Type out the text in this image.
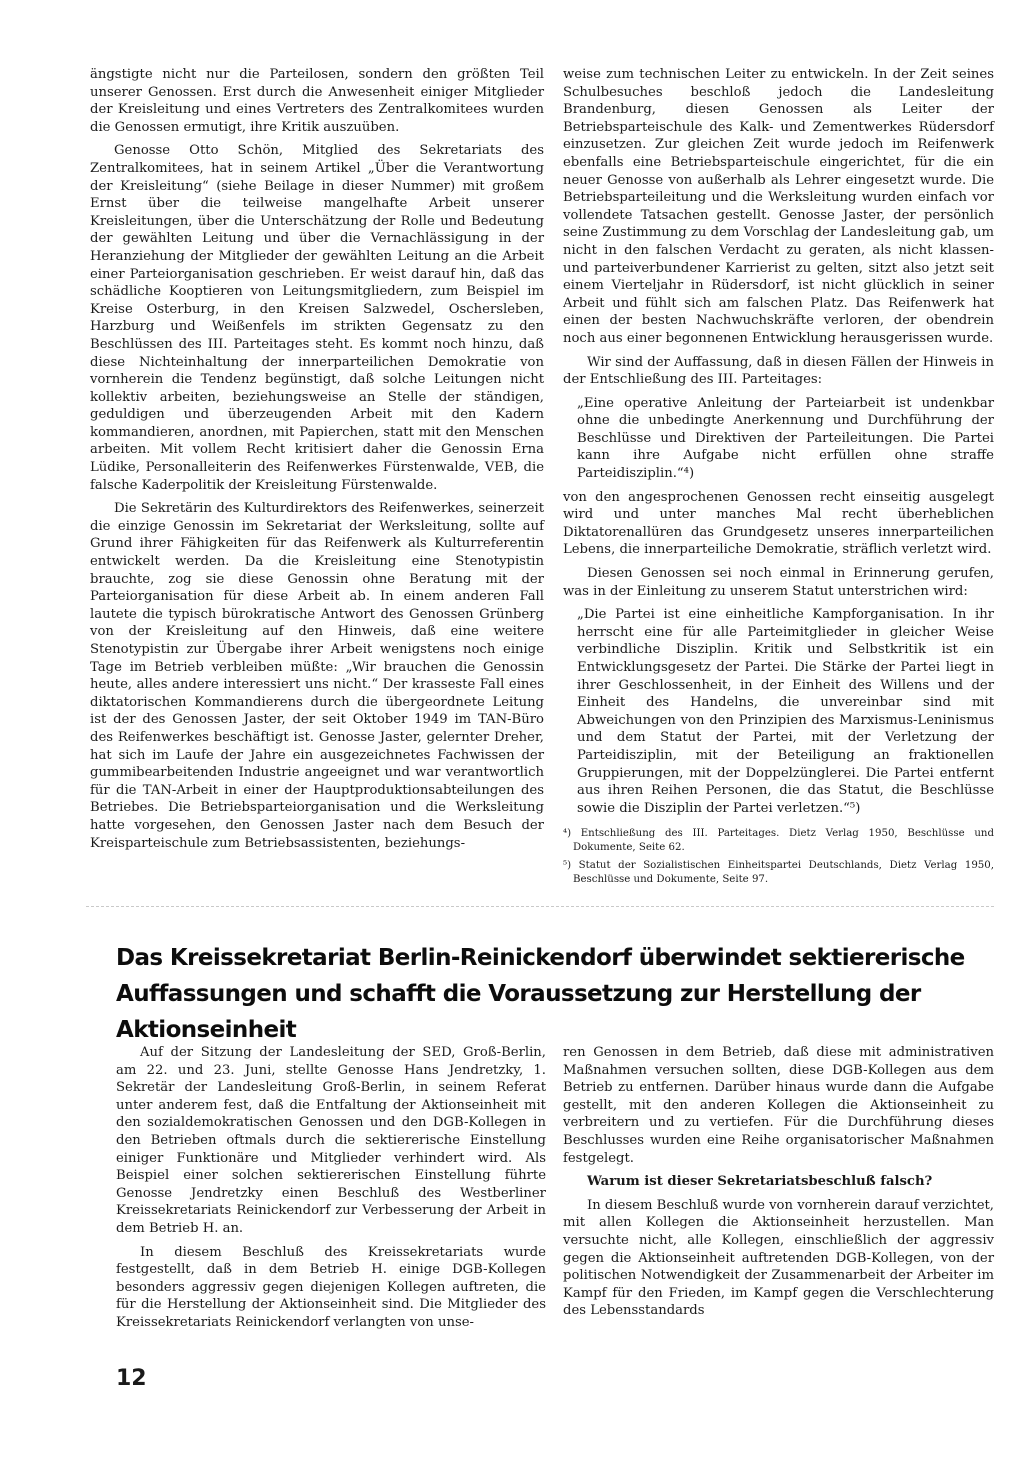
ängstigte nicht nur die Parteilosen, sondern den größten Teil unserer Genossen. Erst durch die Anwesenheit einiger Mitglieder der Kreisleitung und eines Vertreters des Zentralkomitees wurden die Genossen ermutigt, ihre Kritik auszuüben.

Genosse Otto Schön, Mitglied des Sekretariats des Zentralkomitees, hat in seinem Artikel „Über die Verantwortung der Kreisleitung“ (siehe Beilage in dieser Nummer) mit großem Ernst über die teilweise mangelhafte Arbeit unserer Kreisleitungen, über die Unterschätzung der Rolle und Bedeutung der gewählten Leitung und über die Vernachlässigung in der Heranziehung der Mitglieder der gewählten Leitung an die Arbeit einer Parteiorganisation geschrieben. Er weist darauf hin, daß das schädliche Kooptieren von Leitungsmitgliedern, zum Beispiel im Kreise Osterburg, in den Kreisen Salzwedel, Oschersleben, Harzburg und Weißenfels im strikten Gegensatz zu den Beschlüssen des III. Parteitages steht. Es kommt noch hinzu, daß diese Nichteinhaltung der innerparteilichen Demokratie von vornherein die Tendenz begünstigt, daß solche Leitungen nicht kollektiv arbeiten, beziehungsweise an Stelle der ständigen, geduldigen und überzeugenden Arbeit mit den Kadern kommandieren, anordnen, mit Papierchen, statt mit den Menschen arbeiten. Mit vollem Recht kritisiert daher die Genossin Erna Lüdike, Personalleiterin des Reifenwerkes Fürstenwalde, VEB, die falsche Kaderpolitik der Kreisleitung Fürstenwalde.

Die Sekretärin des Kulturdirektors des Reifenwerkes, seinerzeit die einzige Genossin im Sekretariat der Werksleitung, sollte auf Grund ihrer Fähigkeiten für das Reifenwerk als Kulturreferentin entwickelt werden. Da die Kreisleitung eine Stenotypistin brauchte, zog sie diese Genossin ohne Beratung mit der Parteiorganisation für diese Arbeit ab. In einem anderen Fall lautete die typisch bürokratische Antwort des Genossen Grünberg von der Kreisleitung auf den Hinweis, daß eine weitere Stenotypistin zur Übergabe ihrer Arbeit wenigstens noch einige Tage im Betrieb verbleiben müßte: „Wir brauchen die Genossin heute, alles andere interessiert uns nicht.“ Der krasseste Fall eines diktatorischen Kommandierens durch die übergeordnete Leitung ist der des Genossen Jaster, der seit Oktober 1949 im TAN-Büro des Reifenwerkes beschäftigt ist. Genosse Jaster, gelernter Dreher, hat sich im Laufe der Jahre ein ausgezeichnetes Fachwissen der gummibearbeitenden Industrie angeeignet und war verantwortlich für die TAN-Arbeit in einer der Hauptproduktionsabteilungen des Betriebes. Die Betriebsparteiorganisation und die Werksleitung hatte vorgesehen, den Genossen Jaster nach dem Besuch der Kreisparteischule zum Betriebsassistenten, beziehungs-

weise zum technischen Leiter zu entwickeln. In der Zeit seines Schulbesuches beschloß jedoch die Landesleitung Brandenburg, diesen Genossen als Leiter der Betriebsparteischule des Kalk- und Zementwerkes Rüdersdorf einzusetzen. Zur gleichen Zeit wurde jedoch im Reifenwerk ebenfalls eine Betriebsparteischule eingerichtet, für die ein neuer Genosse von außerhalb als Lehrer eingesetzt wurde. Die Betriebsparteileitung und die Werksleitung wurden einfach vor vollendete Tatsachen gestellt. Genosse Jaster, der persönlich seine Zustimmung zu dem Vorschlag der Landesleitung gab, um nicht in den falschen Verdacht zu geraten, als nicht klassen- und parteiverbundener Karrierist zu gelten, sitzt also jetzt seit einem Vierteljahr in Rüdersdorf, ist nicht glücklich in seiner Arbeit und fühlt sich am falschen Platz. Das Reifenwerk hat einen der besten Nachwuchskräfte verloren, der obendrein noch aus einer begonnenen Entwicklung herausgerissen wurde.

Wir sind der Auffassung, daß in diesen Fällen der Hinweis in der Entschließung des III. Parteitages:

„Eine operative Anleitung der Parteiarbeit ist undenkbar ohne die unbedingte Anerkennung und Durchführung der Beschlüsse und Direktiven der Parteileitungen. Die Partei kann ihre Aufgabe nicht erfüllen ohne straffe Parteidisziplin.“⁴)

von den angesprochenen Genossen recht einseitig ausgelegt wird und unter manches Mal recht überheblichen Diktatorenallüren das Grundgesetz unseres innerparteilichen Lebens, die innerparteiliche Demokratie, sträflich verletzt wird.

Diesen Genossen sei noch einmal in Erinnerung gerufen, was in der Einleitung zu unserem Statut unterstrichen wird:

„Die Partei ist eine einheitliche Kampforganisation. In ihr herrscht eine für alle Parteimitglieder in gleicher Weise verbindliche Disziplin. Kritik und Selbstkritik ist ein Entwicklungsgesetz der Partei. Die Stärke der Partei liegt in ihrer Geschlossenheit, in der Einheit des Willens und der Einheit des Handelns, die unvereinbar sind mit Abweichungen von den Prinzipien des Marxismus-Leninismus und dem Statut der Partei, mit der Verletzung der Parteidisziplin, mit der Beteiligung an fraktionellen Gruppierungen, mit der Doppelzünglerei. Die Partei entfernt aus ihren Reihen Personen, die das Statut, die Beschlüsse sowie die Disziplin der Partei verletzen.“⁵)

⁴) Entschließung des III. Parteitages. Dietz Verlag 1950, Beschlüsse und Dokumente, Seite 62.
⁵) Statut der Sozialistischen Einheitspartei Deutschlands, Dietz Verlag 1950, Beschlüsse und Dokumente, Seite 97.
Das Kreissekretariat Berlin-Reinickendorf überwindet sektiererische Auffassungen und schafft die Voraussetzung zur Herstellung der Aktionseinheit

Auf der Sitzung der Landesleitung der SED, Groß-Berlin, am 22. und 23. Juni, stellte Genosse Hans Jendretzky, 1. Sekretär der Landesleitung Groß-Berlin, in seinem Referat unter anderem fest, daß die Entfaltung der Aktionseinheit mit den sozialdemokratischen Genossen und den DGB-Kollegen in den Betrieben oftmals durch die sektiererische Einstellung einiger Funktionäre und Mitglieder verhindert wird. Als Beispiel einer solchen sektiererischen Einstellung führte Genosse Jendretzky einen Beschluß des Westberliner Kreissekretariats Reinickendorf zur Verbesserung der Arbeit in dem Betrieb H. an.

In diesem Beschluß des Kreissekretariats wurde festgestellt, daß in dem Betrieb H. einige DGB-Kollegen besonders aggressiv gegen diejenigen Kollegen auftreten, die für die Herstellung der Aktionseinheit sind. Die Mitglieder des Kreissekretariats Reinickendorf verlangten von unse-

ren Genossen in dem Betrieb, daß diese mit administrativen Maßnahmen versuchen sollten, diese DGB-Kollegen aus dem Betrieb zu entfernen. Darüber hinaus wurde dann die Aufgabe gestellt, mit den anderen Kollegen die Aktionseinheit zu verbreitern und zu vertiefen. Für die Durchführung dieses Beschlusses wurden eine Reihe organisatorischer Maßnahmen festgelegt.

Warum ist dieser Sekretariatsbeschluß falsch?

In diesem Beschluß wurde von vornherein darauf verzichtet, mit allen Kollegen die Aktionseinheit herzustellen. Man versuchte nicht, alle Kollegen, einschließlich der aggressiv gegen die Aktionseinheit auftretenden DGB-Kollegen, von der politischen Notwendigkeit der Zusammenarbeit der Arbeiter im Kampf für den Frieden, im Kampf gegen die Verschlechterung des Lebensstandards

12
